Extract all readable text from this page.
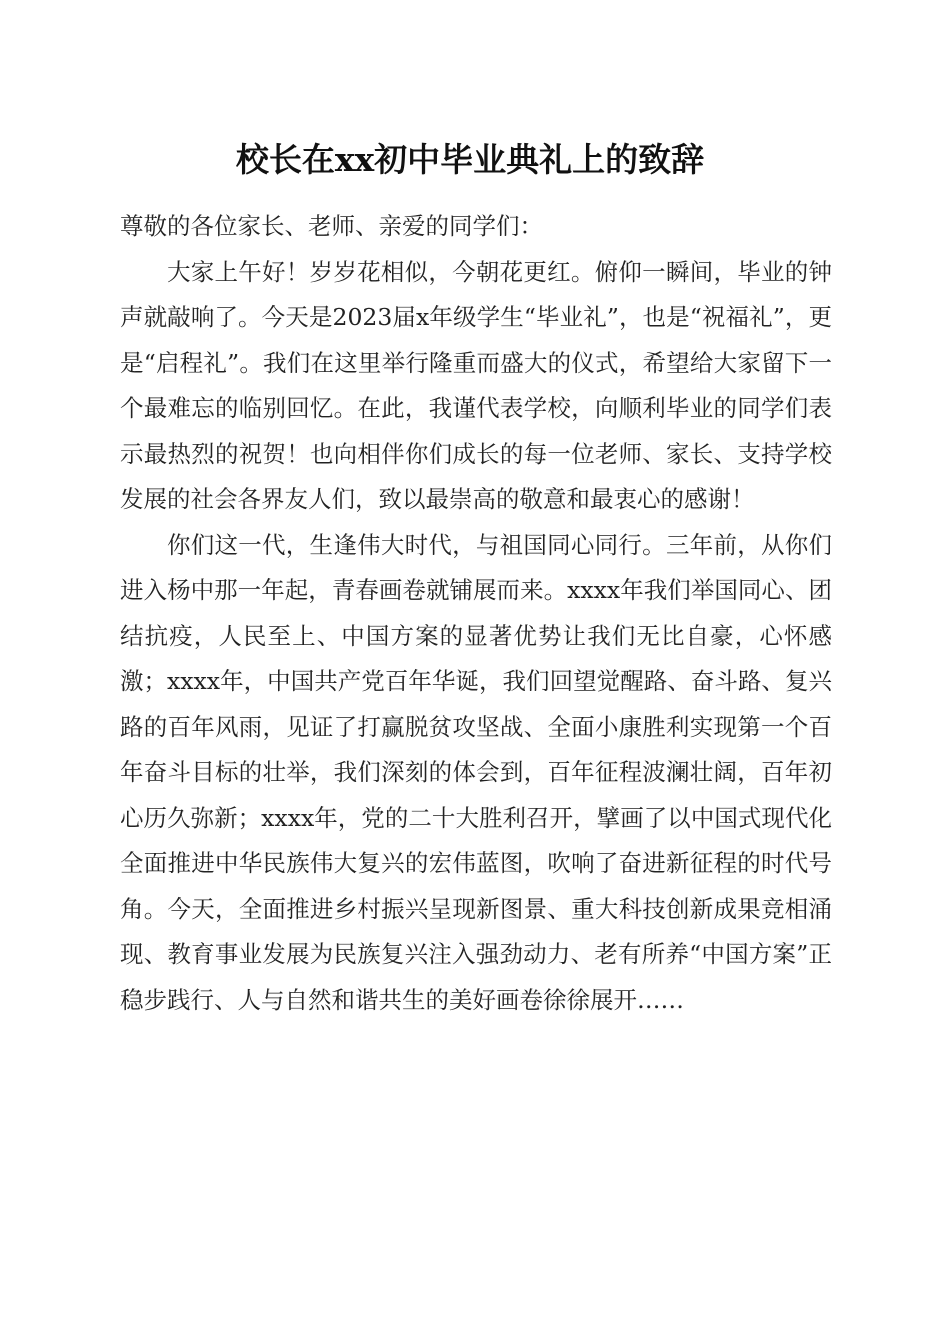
校长在xx初中毕业典礼上的致辞

尊敬的各位家长、老师、亲爱的同学们：

大家上午好！岁岁花相似，今朝花更红。俯仰一瞬间，毕业的钟声就敲响了。今天是2023届x年级学生“毕业礼”，也是“祝福礼”，更是“启程礼”。我们在这里举行隆重而盛大的仪式，希望给大家留下一个最难忘的临别回忆。在此，我谨代表学校，向顺利毕业的同学们表示最热烈的祝贺！也向相伴你们成长的每一位老师、家长、支持学校发展的社会各界友人们，致以最崇高的敬意和最衷心的感谢！

你们这一代，生逢伟大时代，与祖国同心同行。三年前，从你们进入杨中那一年起，青春画卷就铺展而来。xxxx年我们举国同心、团结抗疫，人民至上、中国方案的显著优势让我们无比自豪，心怀感激；xxxx年，中国共产党百年华诞，我们回望觉醒路、奋斗路、复兴路的百年风雨，见证了打赢脱贫攻坚战、全面小康胜利实现第一个百年奋斗目标的壮举，我们深刻的体会到，百年征程波澜壮阔，百年初心历久弥新；xxxx年，党的二十大胜利召开，擘画了以中国式现代化全面推进中华民族伟大复兴的宏伟蓝图，吹响了奋进新征程的时代号角。今天，全面推进乡村振兴呈现新图景、重大科技创新成果竞相涌现、教育事业发展为民族复兴注入强劲动力、老有所养“中国方案”正稳步践行、人与自然和谐共生的美好画卷徐徐展开……
